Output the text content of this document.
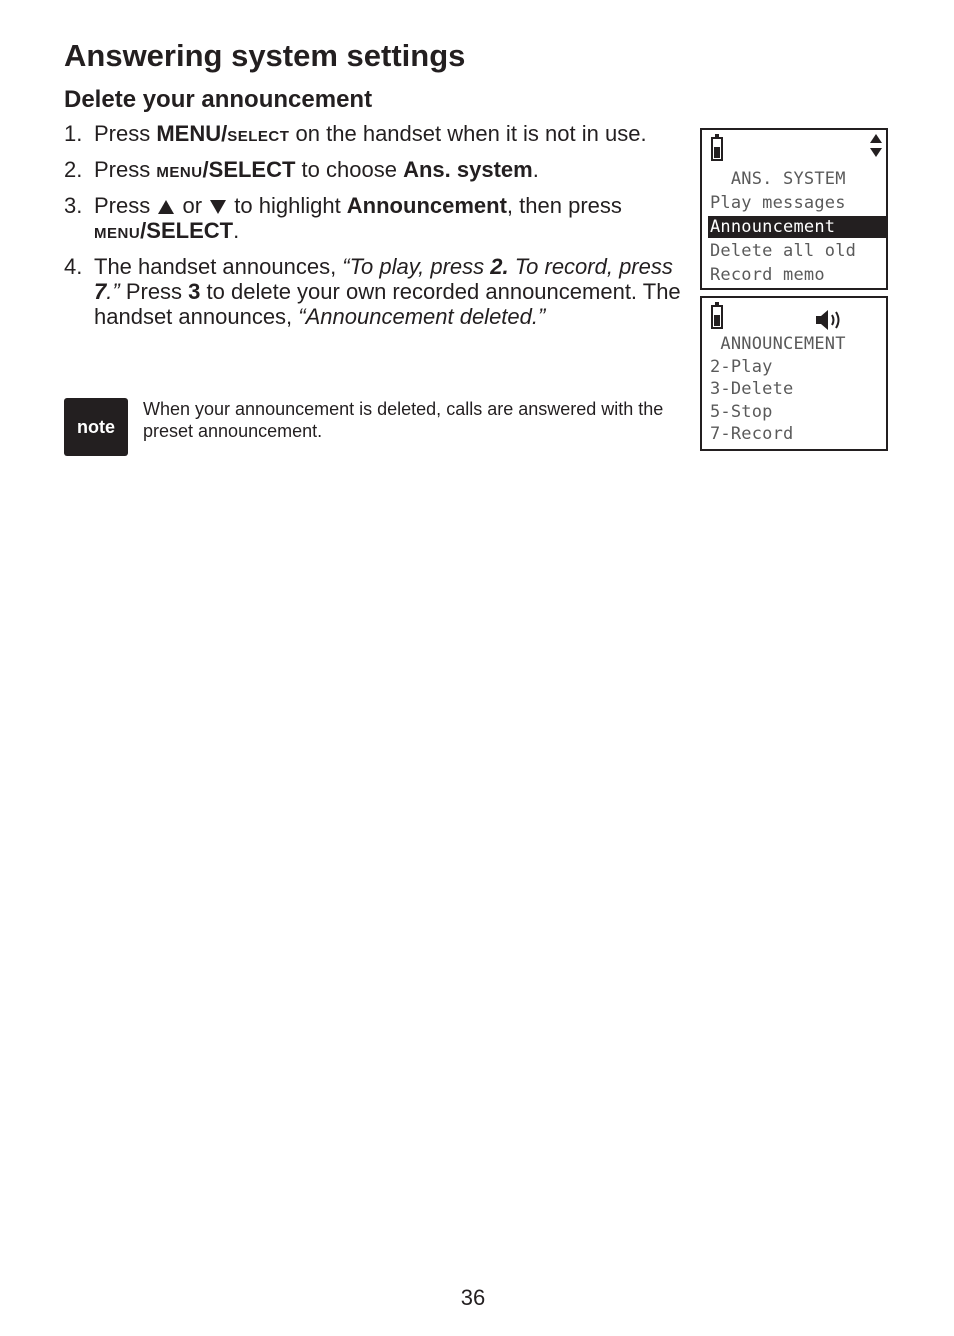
Answering system settings
Delete your announcement
1. Press MENU/SELECT on the handset when it is not in use.
2. Press MENU/SELECT to choose Ans. system.
3. Press  or  to highlight Announcement, then press MENU/SELECT.
4. The handset announces, “To play, press 2. To record, press 7.” Press 3 to delete your own recorded announcement. The handset announces, “Announcement deleted.”
note

When your announcement is deleted, calls are answered with the preset announcement.

ANS. SYSTEM
Play messages
Announcement
Delete all old
Record memo
ANNOUNCEMENT
2-Play
3-Delete
5-Stop
7-Record

36
